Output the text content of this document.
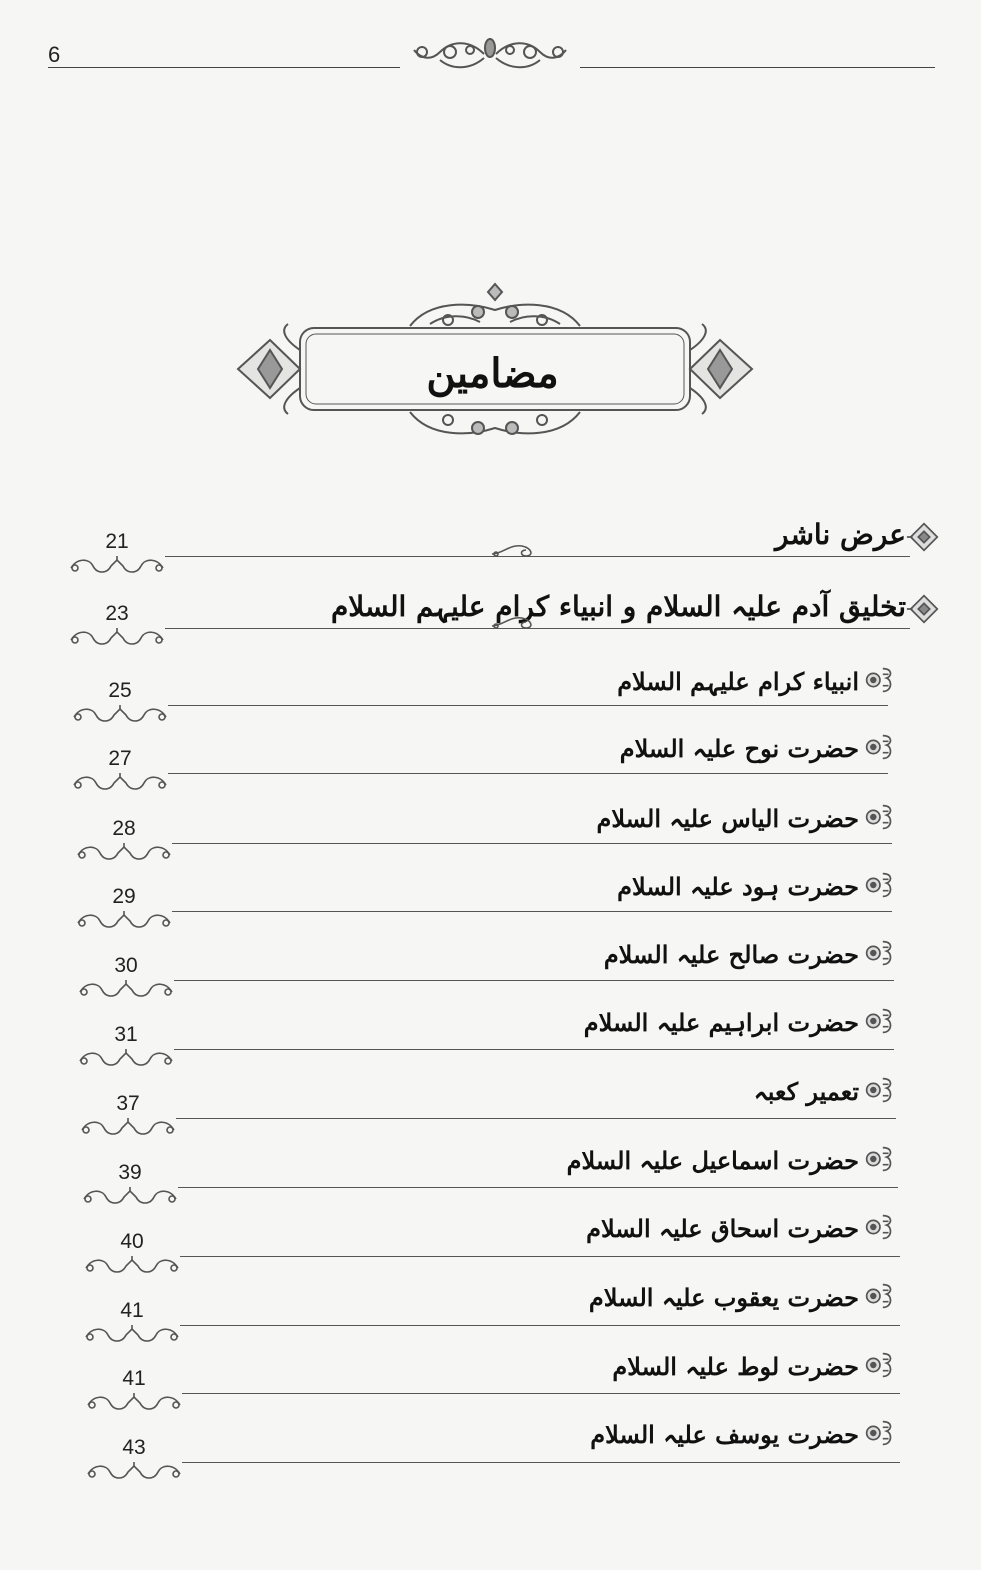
6
مضامین
عرض ناشر
21
تخلیق آدم علیہ السلام و انبیاء کرام علیہم السلام
23
انبیاء کرام علیہم السلام
25
حضرت نوح علیہ السلام
27
حضرت الیاس علیہ السلام
28
حضرت ہود علیہ السلام
29
حضرت صالح علیہ السلام
30
حضرت ابراہیم علیہ السلام
31
تعمیر کعبہ
37
حضرت اسماعیل علیہ السلام
39
حضرت اسحاق علیہ السلام
40
حضرت یعقوب علیہ السلام
41
حضرت لوط علیہ السلام
41
حضرت یوسف علیہ السلام
43
